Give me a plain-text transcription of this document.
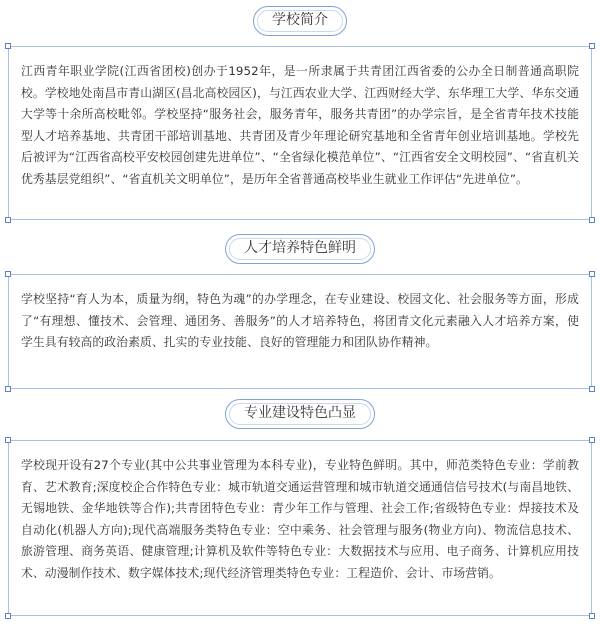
学校简介

江西青年职业学院(江西省团校)创办于1952年，是一所隶属于共青团江西省委的公办全日制普通高职院校。学校地处南昌市青山湖区(昌北高校园区)，与江西农业大学、江西财经大学、东华理工大学、华东交通大学等十余所高校毗邻。学校坚持“服务社会，服务青年，服务共青团”的办学宗旨，是全省青年技术技能型人才培养基地、共青团干部培训基地、共青团及青少年理论研究基地和全省青年创业培训基地。学校先后被评为“江西省高校平安校园创建先进单位”、“全省绿化模范单位”、“江西省安全文明校园”、“省直机关优秀基层党组织”、“省直机关文明单位”，是历年全省普通高校毕业生就业工作评估“先进单位”。

人才培养特色鲜明

学校坚持“育人为本，质量为纲，特色为魂”的办学理念，在专业建设、校园文化、社会服务等方面，形成了“有理想、懂技术、会管理、通团务、善服务”的人才培养特色，将团青文化元素融入人才培养方案，使学生具有较高的政治素质、扎实的专业技能、良好的管理能力和团队协作精神。

专业建设特色凸显

学校现开设有27个专业(其中公共事业管理为本科专业)，专业特色鲜明。其中，师范类特色专业：学前教育、艺术教育;深度校企合作特色专业：城市轨道交通运营管理和城市轨道交通通信信号技术(与南昌地铁、无锡地铁、金华地铁等合作);共青团特色专业：青少年工作与管理、社会工作;省级特色专业：焊接技术及自动化(机器人方向);现代高端服务类特色专业：空中乘务、社会管理与服务(物业方向)、物流信息技术、旅游管理、商务英语、健康管理;计算机及软件等特色专业：大数据技术与应用、电子商务、计算机应用技术、动漫制作技术、数字媒体技术;现代经济管理类特色专业：工程造价、会计、市场营销。
